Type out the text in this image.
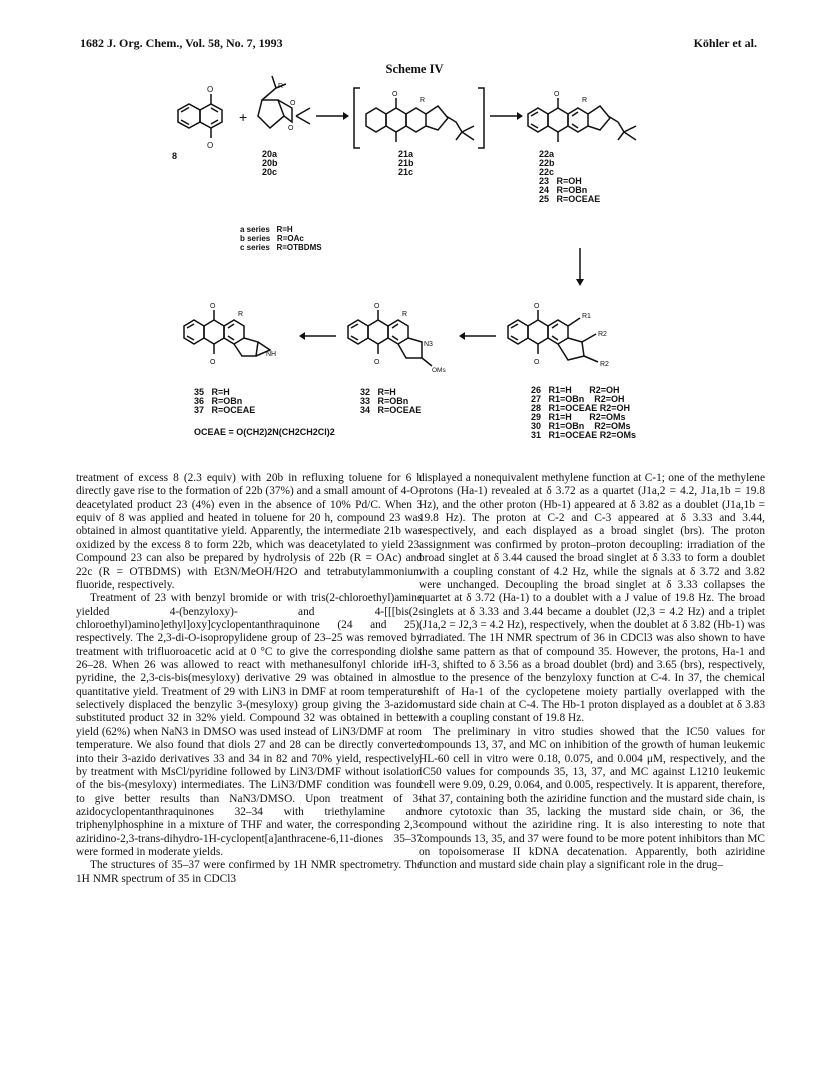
1682 J. Org. Chem., Vol. 58, No. 7, 1993	Köhler et al.
Scheme IV
O
O
+
O
O
R
R
O
R
O
R
NH
O
O
R
N3
OMs
O
O
R1
R2
R2
O
O
8	20a
20b
20c
21a
21b
21c
22a
22b
22c
23   R=OH
24   R=OBn
25   R=OCEAE
a series   R=H
b series   R=OAc
c series   R=OTBDMS
35   R=H
36   R=OBn
37   R=OCEAE
OCEAE = O(CH2)2N(CH2CH2Cl)2
32   R=H
33   R=OBn
34   R=OCEAE
26   R1=H       R2=OH
27   R1=OBn    R2=OH
28   R1=OCEAE R2=OH
29   R1=H       R2=OMs
30   R1=OBn    R2=OMs
31   R1=OCEAE R2=OMs

treatment of excess 8 (2.3 equiv) with 20b in refluxing toluene for 6 h directly gave rise to the formation of 22b (37%) and a small amount of 4-O-deacetylated product 23 (4%) even in the absence of 10% Pd/C. When 3 equiv of 8 was applied and heated in toluene for 20 h, compound 23 was obtained in almost quantitative yield. Apparently, the intermediate 21b was oxidized by the excess 8 to form 22b, which was deacetylated to yield 23. Compound 23 can also be prepared by hydrolysis of 22b (R = OAc) and 22c (R = OTBDMS) with Et3N/MeOH/H2O and tetrabutylammonium fluoride, respectively.

Treatment of 23 with benzyl bromide or with tris(2-chloroethyl)amine yielded 4-(benzyloxy)- and 4-[[[bis(2-chloroethyl)amino]ethyl]oxy]cyclopentanthraquinone (24 and 25), respectively. The 2,3-di-O-isopropylidene group of 23–25 was removed by treatment with trifluoroacetic acid at 0 °C to give the corresponding diols 26–28. When 26 was allowed to react with methanesulfonyl chloride in pyridine, the 2,3-cis-bis(mesyloxy) derivative 29 was obtained in almost quantitative yield. Treatment of 29 with LiN3 in DMF at room temperature selectively displaced the benzylic 3-(mesyloxy) group giving the 3-azido-substituted product 32 in 32% yield. Compound 32 was obtained in better yield (62%) when NaN3 in DMSO was used instead of LiN3/DMF at room temperature. We also found that diols 27 and 28 can be directly converted into their 3-azido derivatives 33 and 34 in 82 and 70% yield, respectively, by treatment with MsCl/pyridine followed by LiN3/DMF without isolation of the bis-(mesyloxy) intermediates. The LiN3/DMF condition was found to give better results than NaN3/DMSO. Upon treatment of 3-azidocyclopentanthraquinones 32–34 with triethylamine and triphenylphosphine in a mixture of THF and water, the corresponding 2,3-aziridino-2,3-trans-dihydro-1H-cyclopent[a]anthracene-6,11-diones 35–37 were formed in moderate yields.

The structures of 35–37 were confirmed by 1H NMR spectrometry. The 1H NMR spectrum of 35 in CDCl3

displayed a nonequivalent methylene function at C-1; one of the methylene protons (Ha-1) revealed at δ 3.72 as a quartet (J1a,2 = 4.2, J1a,1b = 19.8 Hz), and the other proton (Hb-1) appeared at δ 3.82 as a doublet (J1a,1b = 19.8 Hz). The proton at C-2 and C-3 appeared at δ 3.33 and 3.44, respectively, and each displayed as a broad singlet (brs). The proton assignment was confirmed by proton–proton decoupling: irradiation of the broad singlet at δ 3.44 caused the broad singlet at δ 3.33 to form a doublet with a coupling constant of 4.2 Hz, while the signals at δ 3.72 and 3.82 were unchanged. Decoupling the broad singlet at δ 3.33 collapses the quartet at δ 3.72 (Ha-1) to a doublet with a J value of 19.8 Hz. The broad singlets at δ 3.33 and 3.44 became a doublet (J2,3 = 4.2 Hz) and a triplet (J1a,2 = J2,3 = 4.2 Hz), respectively, when the doublet at δ 3.82 (Hb-1) was irradiated. The 1H NMR spectrum of 36 in CDCl3 was also shown to have the same pattern as that of compound 35. However, the protons, Ha-1 and H-3, shifted to δ 3.56 as a broad doublet (brd) and 3.65 (brs), respectively, due to the presence of the benzyloxy function at C-4. In 37, the chemical shift of Ha-1 of the cyclopetene moiety partially overlapped with the mustard side chain at C-4. The Hb-1 proton displayed as a doublet at δ 3.83 with a coupling constant of 19.8 Hz.

The preliminary in vitro studies showed that the IC50 values for compounds 13, 37, and MC on inhibition of the growth of human leukemic HL-60 cell in vitro were 0.18, 0.075, and 0.004 μM, respectively, and the IC50 values for compounds 35, 13, 37, and MC against L1210 leukemic cell were 9.09, 0.29, 0.064, and 0.005, respectively. It is apparent, therefore, that 37, containing both the aziridine function and the mustard side chain, is more cytotoxic than 35, lacking the mustard side chain, or 36, the compound without the aziridine ring. It is also interesting to note that compounds 13, 35, and 37 were found to be more potent inhibitors than MC on topoisomerase II kDNA decatenation. Apparently, both aziridine function and mustard side chain play a significant role in the drug–
